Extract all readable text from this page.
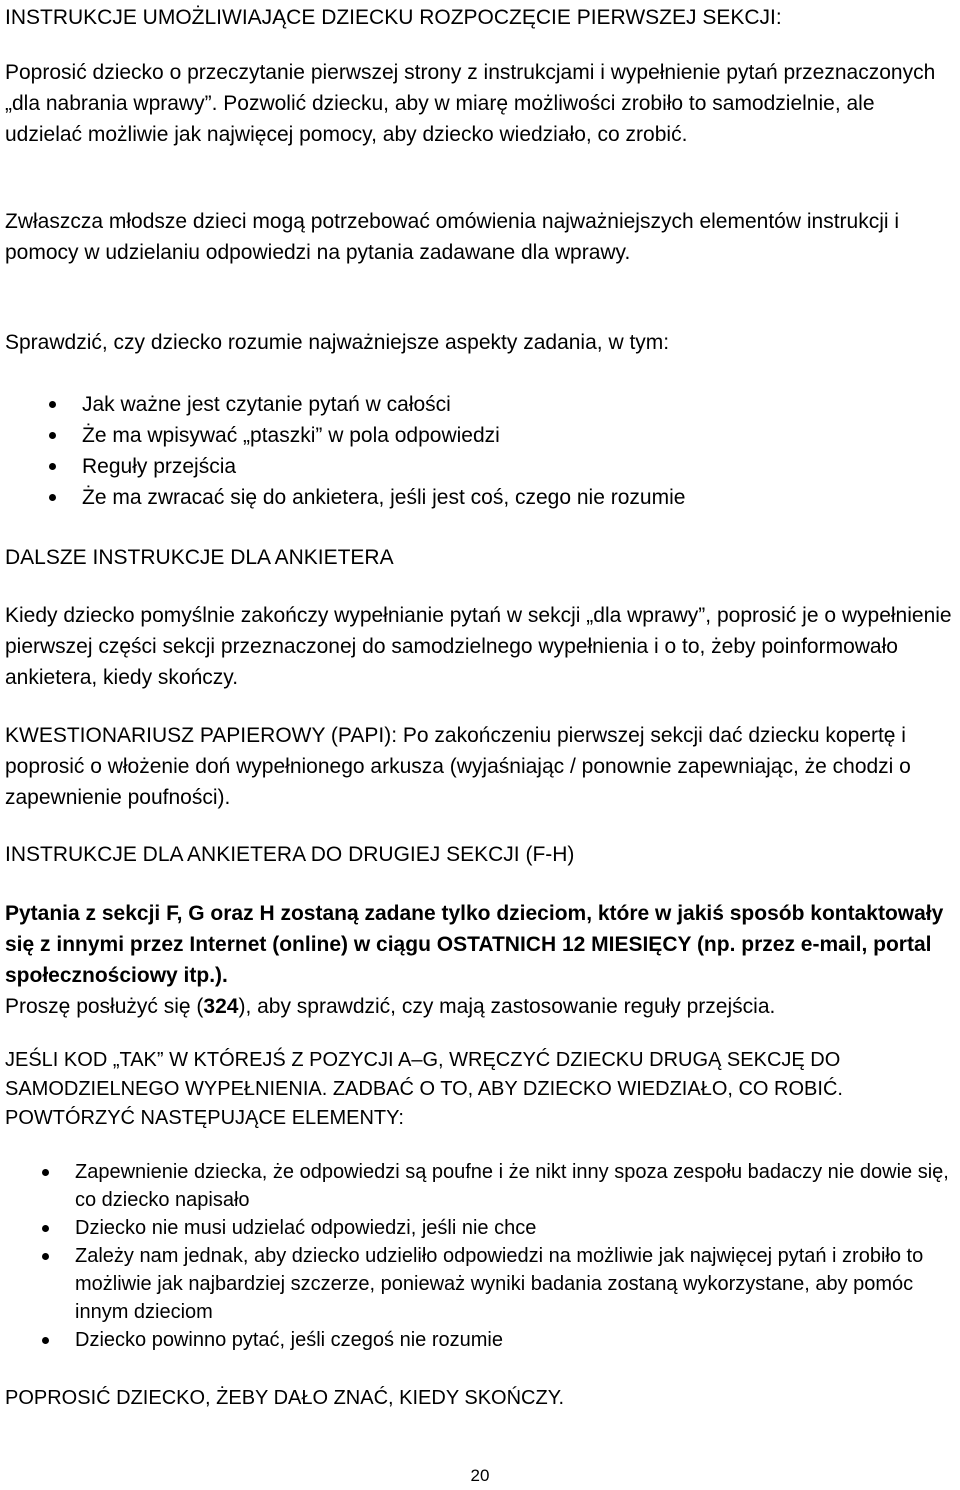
INSTRUKCJE UMOŻLIWIAJĄCE DZIECKU ROZPOCZĘCIE PIERWSZEJ SEKCJI:

Poprosić dziecko o przeczytanie pierwszej strony z instrukcjami i wypełnienie pytań przeznaczonych „dla nabrania wprawy”. Pozwolić dziecku, aby w miarę możliwości zrobiło to samodzielnie, ale udzielać możliwie jak najwięcej pomocy, aby dziecko wiedziało, co zrobić.

Zwłaszcza młodsze dzieci mogą potrzebować omówienia najważniejszych elementów instrukcji i pomocy w udzielaniu odpowiedzi na pytania zadawane dla wprawy.

Sprawdzić, czy dziecko rozumie najważniejsze aspekty zadania, w tym:

Jak ważne jest czytanie pytań w całości
Że ma wpisywać „ptaszki” w pola odpowiedzi
Reguły przejścia
Że ma zwracać się do ankietera, jeśli jest coś, czego nie rozumie

DALSZE INSTRUKCJE DLA ANKIETERA

Kiedy dziecko pomyślnie zakończy wypełnianie pytań w sekcji „dla wprawy”, poprosić je o wypełnienie pierwszej części sekcji przeznaczonej do samodzielnego wypełnienia i o to, żeby poinformowało ankietera, kiedy skończy.

KWESTIONARIUSZ PAPIEROWY (PAPI): Po zakończeniu pierwszej sekcji dać dziecku kopertę i poprosić o włożenie doń wypełnionego arkusza (wyjaśniając / ponownie zapewniając, że chodzi o zapewnienie poufności).

INSTRUKCJE DLA ANKIETERA DO DRUGIEJ SEKCJI (F-H)

Pytania z sekcji F, G oraz H zostaną zadane tylko dzieciom, które w jakiś sposób kontaktowały się z innymi przez Internet (online) w ciągu OSTATNICH 12 MIESIĘCY (np. przez e-mail, portal społecznościowy itp.).
Proszę posłużyć się (324), aby sprawdzić, czy mają zastosowanie reguły przejścia.

JEŚLI KOD „TAK” W KTÓREJŚ Z POZYCJI A–G, WRĘCZYĆ DZIECKU DRUGĄ SEKCJĘ DO SAMODZIELNEGO WYPEŁNIENIA. ZADBAĆ O TO, ABY DZIECKO WIEDZIAŁO, CO ROBIĆ. POWTÓRZYĆ NASTĘPUJĄCE ELEMENTY:

Zapewnienie dziecka, że odpowiedzi są poufne i że nikt inny spoza zespołu badaczy nie dowie się, co dziecko napisało
Dziecko nie musi udzielać odpowiedzi, jeśli nie chce
Zależy nam jednak, aby dziecko udzieliło odpowiedzi na możliwie jak najwięcej pytań i zrobiło to możliwie jak najbardziej szczerze, ponieważ wyniki badania zostaną wykorzystane, aby pomóc innym dzieciom
Dziecko powinno pytać, jeśli czegoś nie rozumie

POPROSIĆ DZIECKO, ŻEBY DAŁO ZNAĆ, KIEDY SKOŃCZY.

20
